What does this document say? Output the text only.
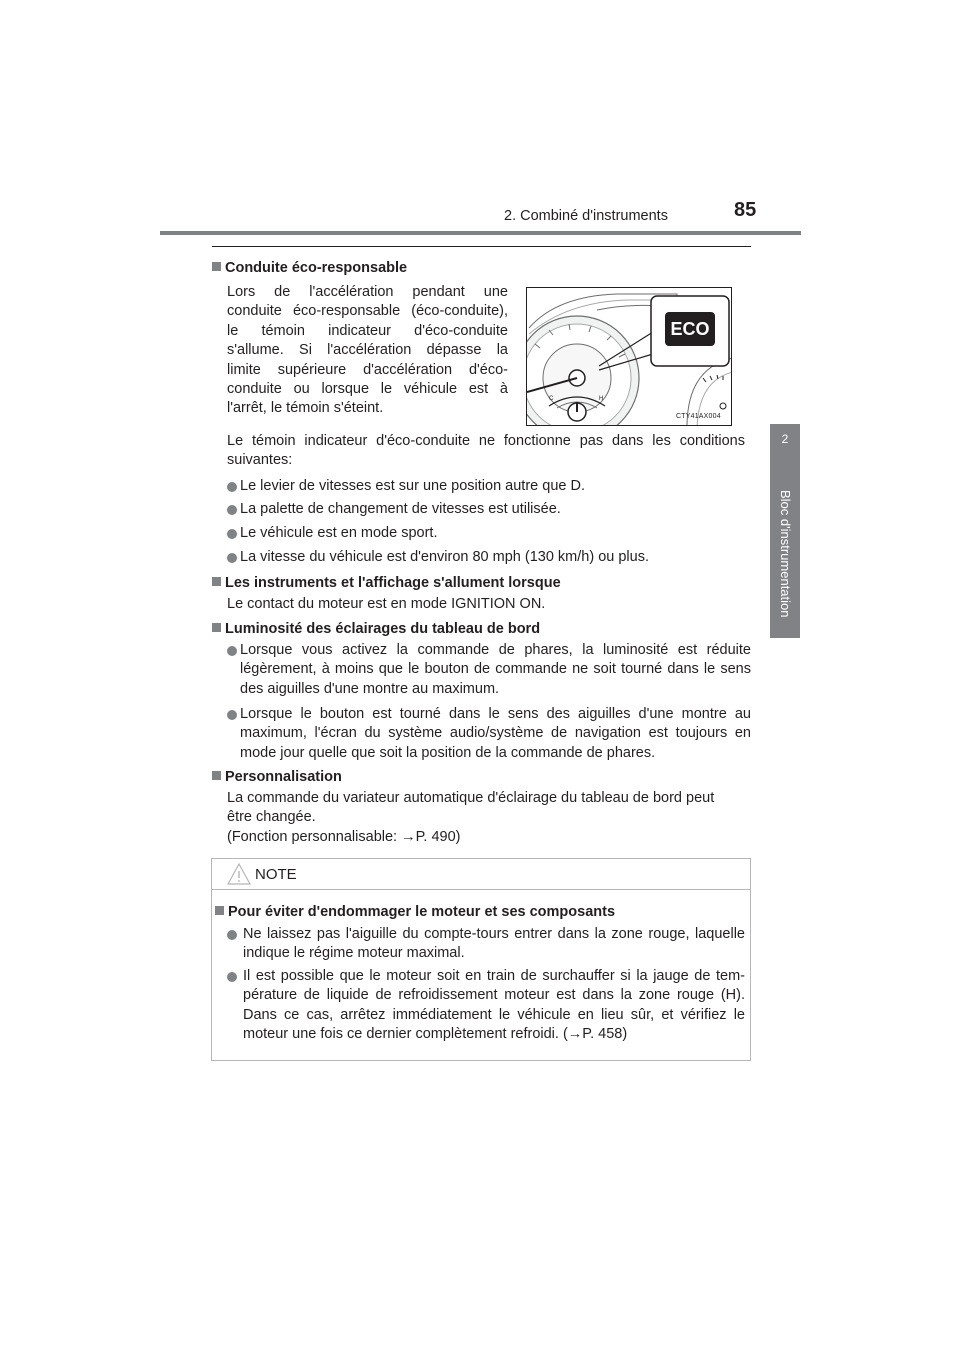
2. Combiné d'instruments	85
2
Bloc d'instrumentation
Conduite éco-responsable
Lors de l'accélération pendant une
conduite éco-responsable (éco-conduite),
le témoin indicateur d'éco-conduite
s'allume. Si l'accélération dépasse la
limite supérieure d'accélération d'éco-
conduite ou lorsque le véhicule est à
l'arrêt, le témoin s'éteint.
C	H
ECO
CTY41AX004
Le témoin indicateur d'éco-conduite ne fonctionne pas dans les conditions suivantes:
Le levier de vitesses est sur une position autre que D.
La palette de changement de vitesses est utilisée.
Le véhicule est en mode sport.
La vitesse du véhicule est d'environ 80 mph (130 km/h) ou plus.
Les instruments et l'affichage s'allument lorsque
Le contact du moteur est en mode IGNITION ON.
Luminosité des éclairages du tableau de bord
Lorsque vous activez la commande de phares, la luminosité est réduite légèrement, à moins que le bouton de commande ne soit tourné dans le sens des aiguilles d'une montre au maximum.
Lorsque le bouton est tourné dans le sens des aiguilles d'une montre au maximum, l'écran du système audio/système de navigation est toujours en mode jour quelle que soit la position de la commande de phares.
Personnalisation
La commande du variateur automatique d'éclairage du tableau de bord peut
être changée.
(Fonction personnalisable: →P. 490)
NOTE
Pour éviter d'endommager le moteur et ses composants
Ne laissez pas l'aiguille du compte-tours entrer dans la zone rouge, laquelle indique le régime moteur maximal.
Il est possible que le moteur soit en train de surchauffer si la jauge de tem-pérature de liquide de refroidissement moteur est dans la zone rouge (H). Dans ce cas, arrêtez immédiatement le véhicule en lieu sûr, et vérifiez le moteur une fois ce dernier complètement refroidi. (→P. 458)
